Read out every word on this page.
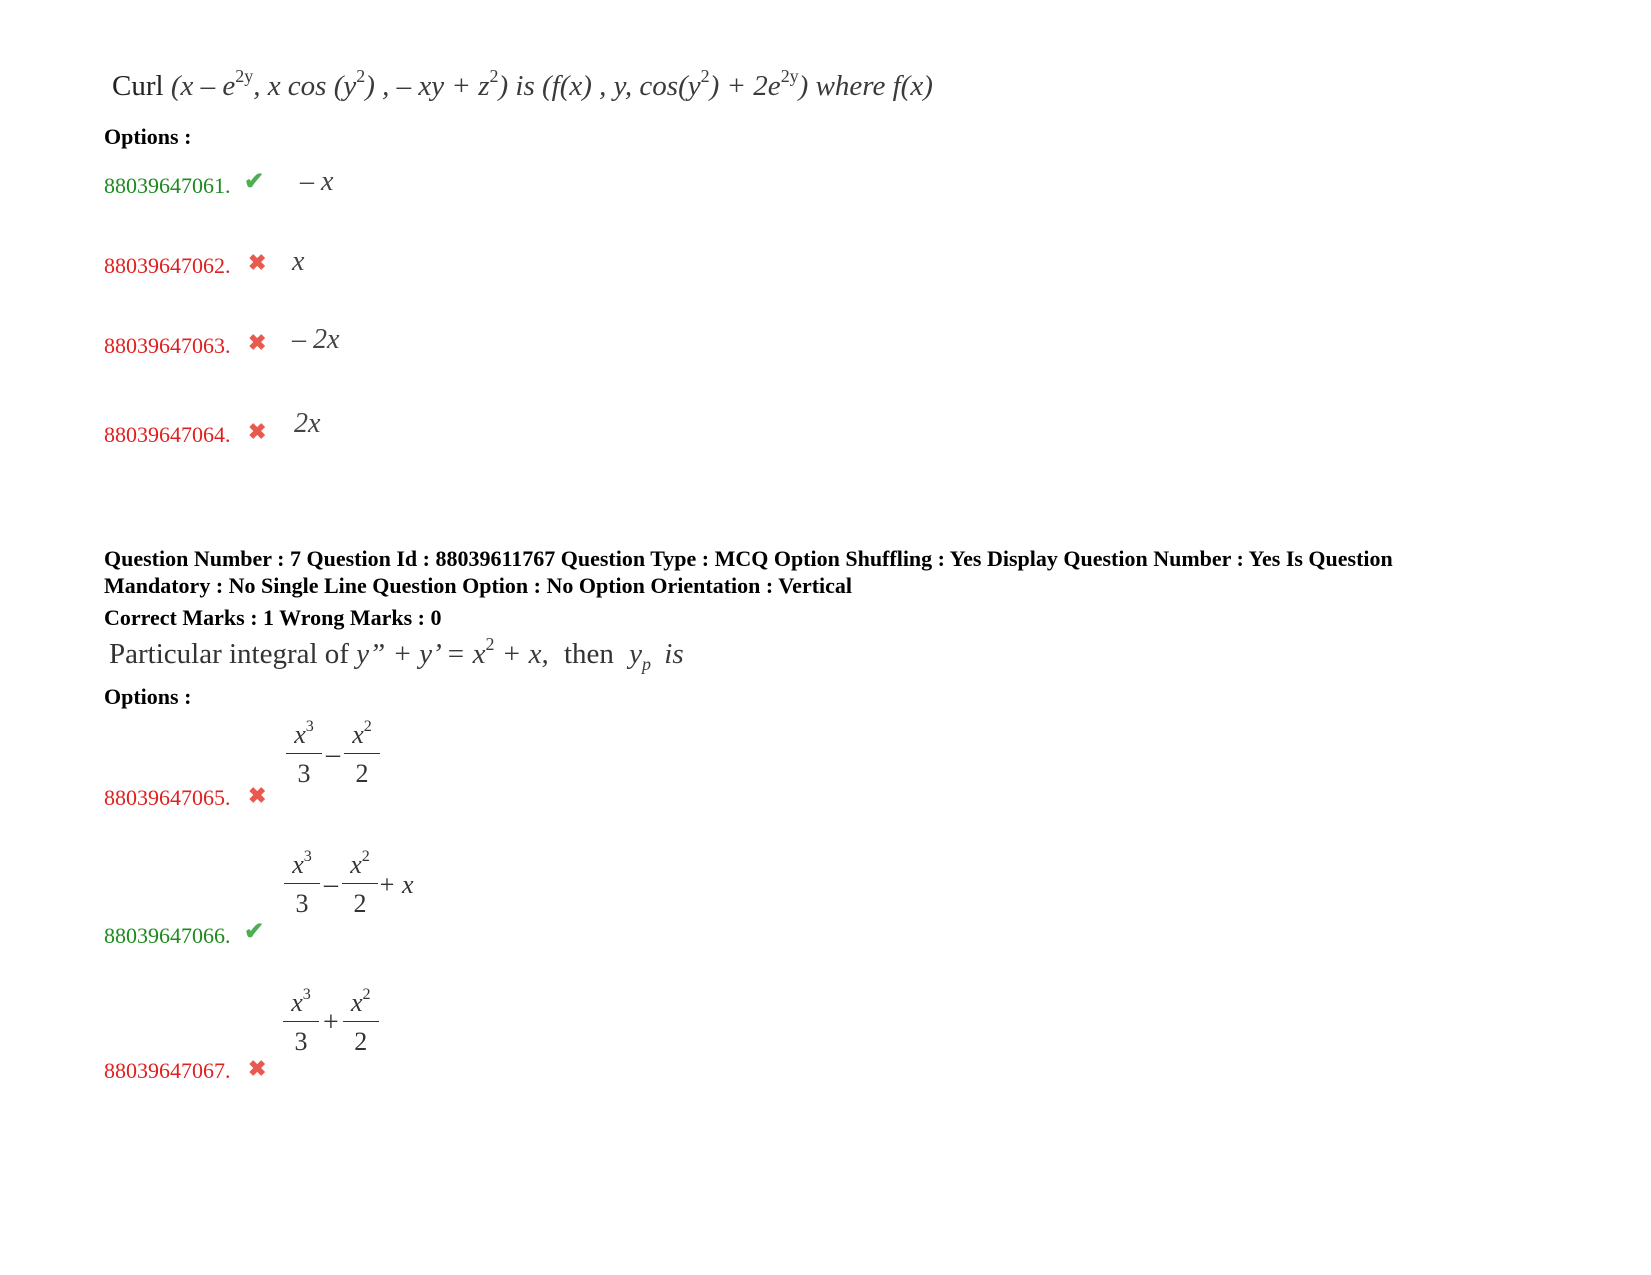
Curl ($x - e^{2y}$, x $\cos (y^2)$ , – xy + $z^2$) is (f(x) , y, $\cos(y^2) + 2e^{2y}$) where f(x)
Options :
88039647061. ✔ – x
88039647062. ✖ x
88039647063. ✖ – 2x
88039647064. ✖ 2x
Question Number : 7 Question Id : 88039611767 Question Type : MCQ Option Shuffling : Yes Display Question Number : Yes Is Question
Mandatory : No Single Line Question Option : No Option Orientation : Vertical
Correct Marks : 1 Wrong Marks : 0
Particular integral of y” + y’ = $x^2 + x$, then $y_p$ is
Options :
88039647065. ✖
$\frac{x^3}{3} - \frac{x^2}{2}$
88039647066. ✔
$\frac{x^3}{3} - \frac{x^2}{2} + x$
88039647067. ✖
$\frac{x^3}{3} + \frac{x^2}{2}$
